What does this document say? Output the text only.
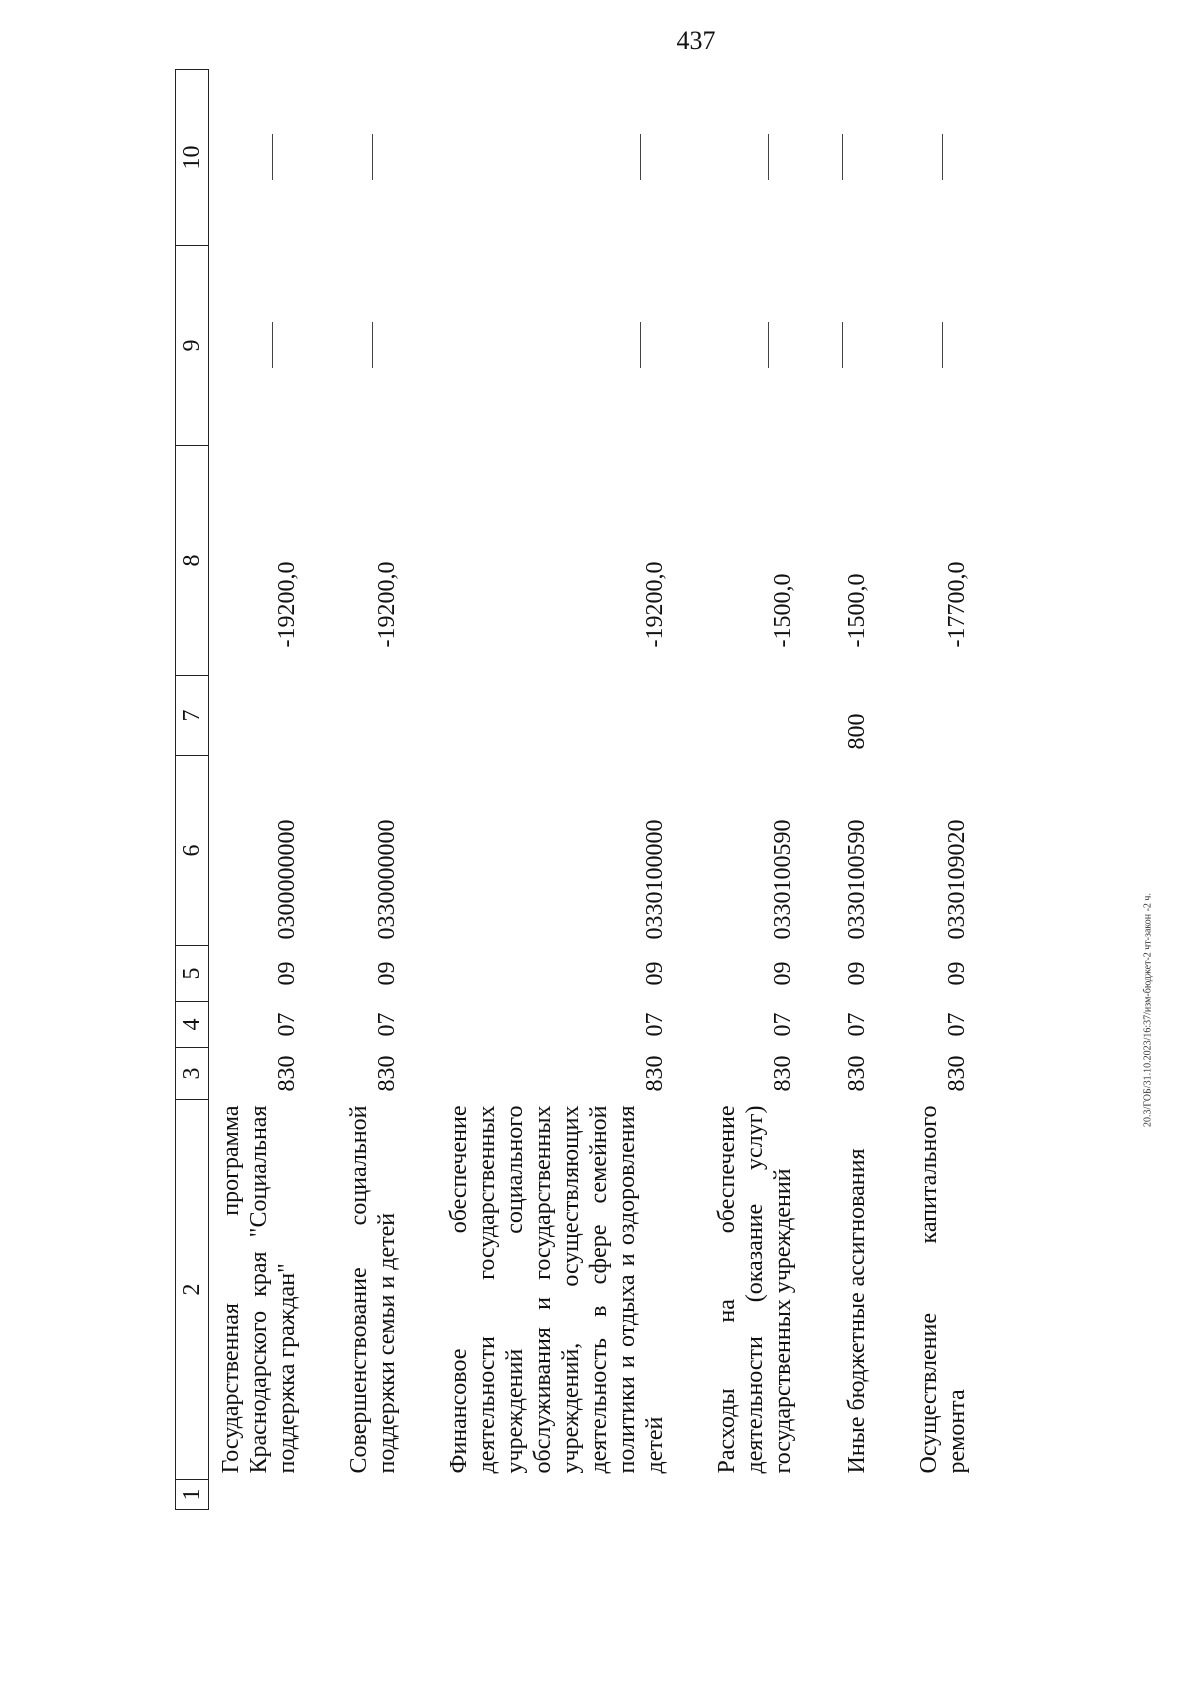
437
20.3/ГОБ/31.10.2023/16:37/изм-бюджет-2 чт-закон -2 ч.
1	2	3	4	5	6	7	8	9	10
	Государственная программа Краснодарского края "Социальная поддержка граждан"	830	07	09	0300000000		-19200,0		
	Совершенствование социальной поддержки семьи и детей	830	07	09	0330000000		-19200,0		
	Финансовое обеспечение деятельности государственных учреждений социального обслуживания и государственных учреждений, осуществляющих деятельность в сфере семейной политики и отдыха и оздоровления детей	830	07	09	0330100000		-19200,0		
	Расходы на обеспечение деятельности (оказание услуг) государственных учреждений	830	07	09	0330100590		-1500,0		
	Иные бюджетные ассигнования	830	07	09	0330100590	800	-1500,0		
	Осуществление капитального ремонта	830	07	09	0330109020		-17700,0		
